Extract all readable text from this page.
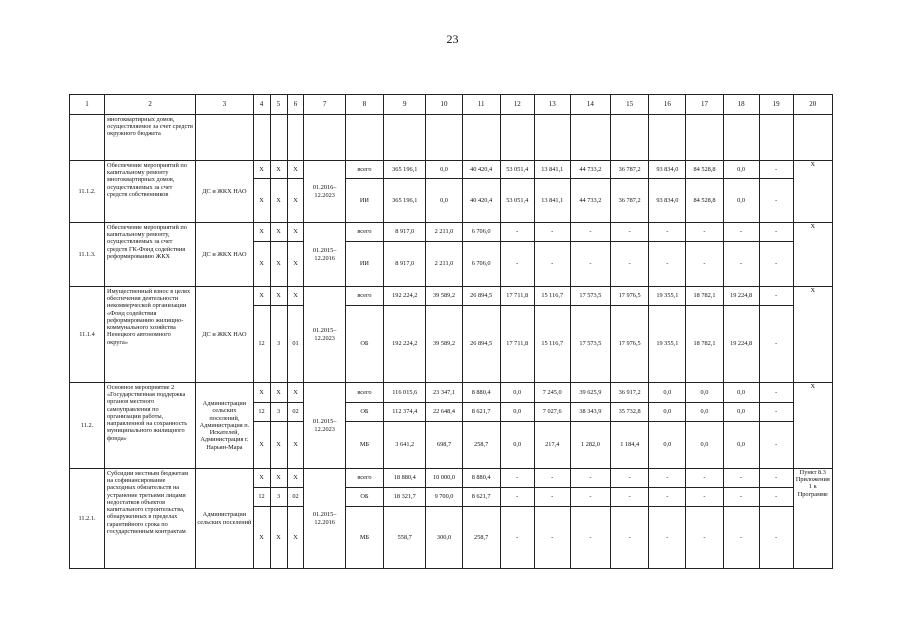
23
1	2	3	4	5	6	7	8	9	10	11	12	13	14	15	16	17	18	19	20
	многоквартирных домов, осуществляемое за счет средств окружного бюджета																		
11.1.2.	Обеспечение мероприятий по капитальному ремонту многоквартирных домов, осуществляемых за счет средств собственников	ДС и ЖКХ НАО	X	X	X	01.2016–12.2023	всего	365 196,1	0,0	40 420,4	53 051,4	13 841,1	44 733,2	36 787,2	93 834,0	84 528,8	0,0	-	X
			X	X	X		ИИ	365 196,1	0,0	40 420,4	53 051,4	13 841,1	44 733,2	36 787,2	93 834,0	84 528,8	0,0	-	
11.1.3.	Обеспечение мероприятий по капитальному ремонту, осуществляемых за счет средств ГК-Фонд содействия реформированию ЖКХ	ДС и ЖКХ НАО	X	X	X	01.2015–12.2016	всего	8 917,0	2 211,0	6 706,0	-	-	-	-	-	-	-	-	X
			X	X	X		ИИ	8 917,0	2 211,0	6 706,0	-	-	-	-	-	-	-	-	
11.1.4	Имущественный взнос в целях обеспечения деятельности некоммерческой организации «Фонд содействия реформированию жилищно-коммунального хозяйства Ненецкого автономного округа»	ДС и ЖКХ НАО	X	X	X	01.2015–12.2023	всего	192 224,2	39 589,2	26 894,5	17 711,8	15 116,7	17 573,5	17 976,5	19 355,1	18 782,1	19 224,8	-	X
			12	3	01		ОБ	192 224,2	39 589,2	26 894,5	17 711,8	15 116,7	17 573,5	17 976,5	19 355,1	18 782,1	19 224,8	-	
11.2.	Основное мероприятие 2 «Государственная поддержка органов местного самоуправления по организации работы, направленной на сохранность муниципального жилищного фонда»	Администрации сельских поселений, Администрация п. Искателей, Администрация г. Нарьян-Мара	X	X	X	01.2015–12.2023	всего	116 015,6	23 347,1	8 880,4	0,0	7 245,0	39 625,9	36 917,2	0,0	0,0	0,0	-	X
			12	3	02		ОБ	112 374,4	22 648,4	8 621,7	0,0	7 027,6	38 343,9	35 732,8	0,0	0,0	0,0	-	
			X	X	X		МБ	3 641,2	698,7	258,7	0,0	217,4	1 282,0	1 184,4	0,0	0,0	0,0	-	
11.2.1.	Субсидии местным бюджетам на софинансирование расходных обязательств на устранение третьими лицами недостатков объектов капитального строительства, обнаруженных в пределах гарантийного срока по государственным контрактам	Администрации сельских поселений	X	X	X	01.2015–12.2016	всего	18 880,4	10 000,0	8 880,4	-	-	-	-	-	-	-	-	Пункт 8.3 Приложения 1 к Программе
			12	3	02		ОБ	18 321,7	9 700,0	8 621,7	-	-	-	-	-	-	-	-	
			X	X	X		МБ	558,7	300,0	258,7	-	-	-	-	-	-	-	-	
